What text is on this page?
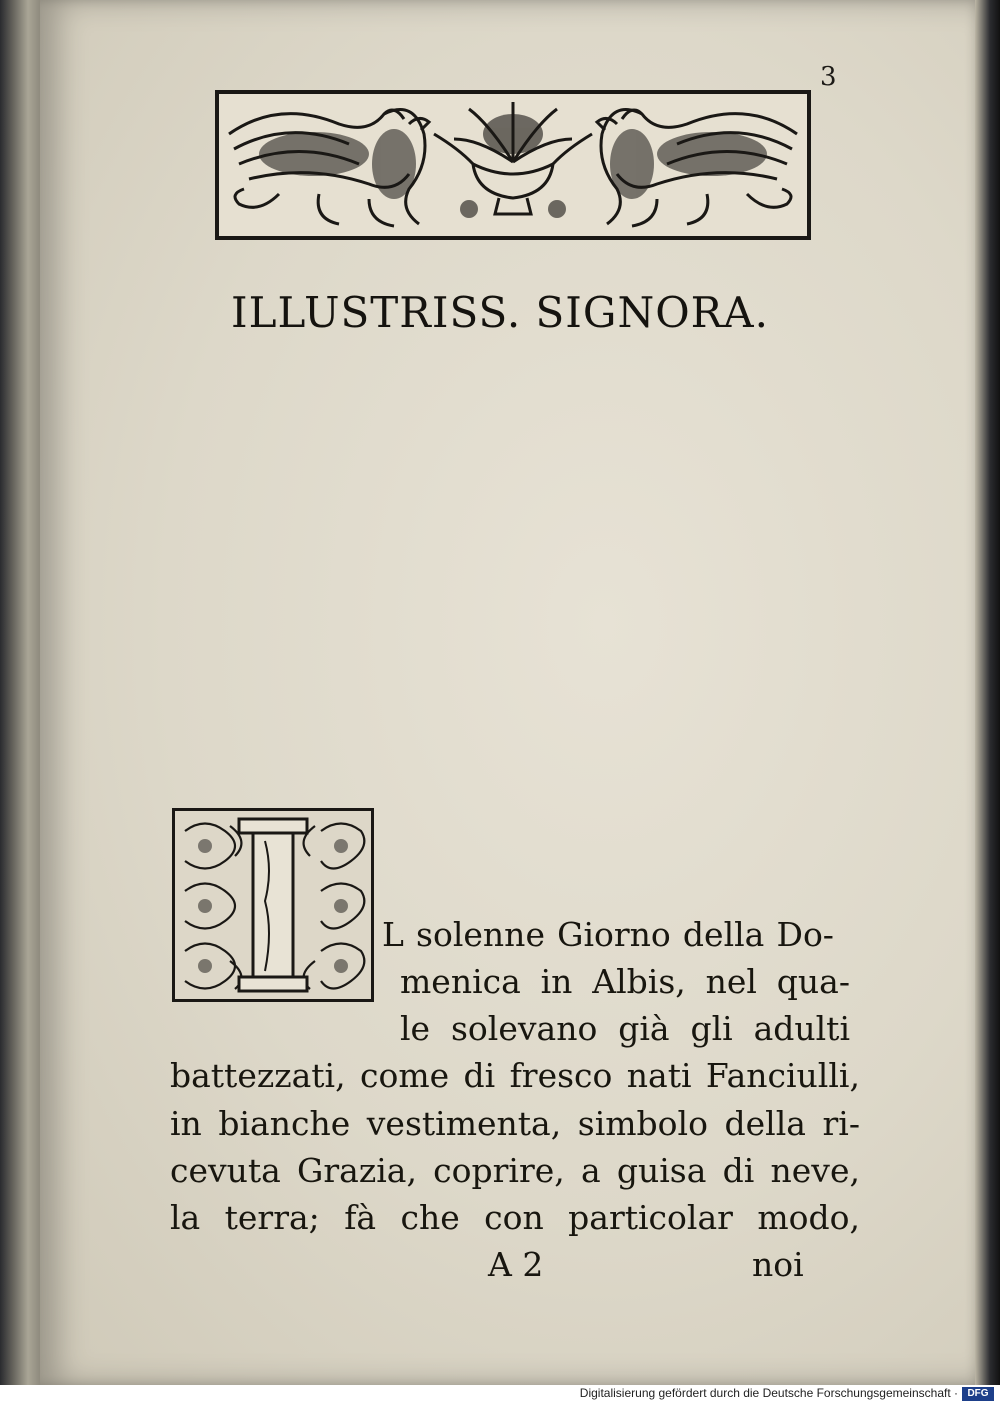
3

ILLUSTRISS. SIGNORA.
L solenne Giorno della Do-
menica in Albis, nel qua-
le solevano già gli adulti
battezzati, come di fresco nati Fanciulli,
in bianche vestimenta, simbolo della ri-
cevuta Grazia, coprire, a guisa di neve,
la terra; fà che con particolar modo,
A 2	noi
Digitalisierung gefördert durch die Deutsche Forschungsgemeinschaft · DFG
